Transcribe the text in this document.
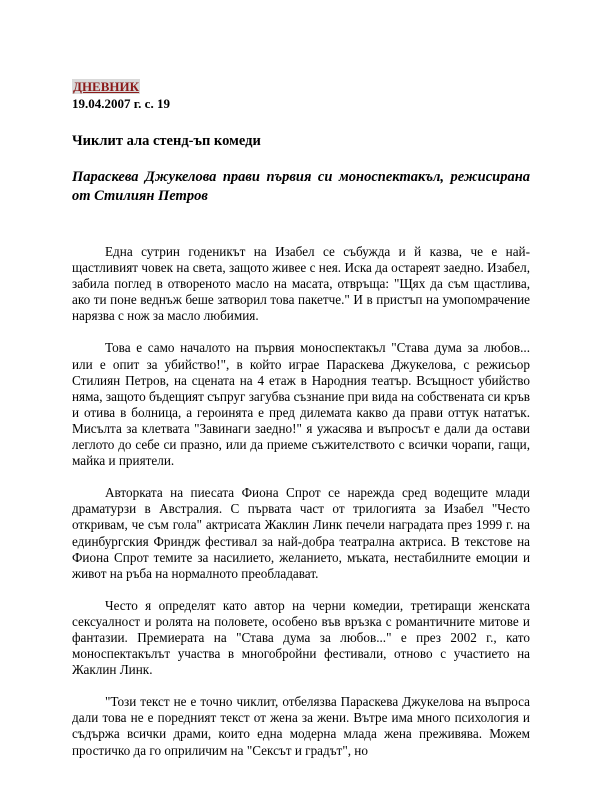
ДНЕВНИК

19.04.2007 г. с. 19

Чиклит ала стенд-ъп комеди
Параскева Джукелова прави първия си моноспектакъл, режисирана от Стилиян Петров

Една сутрин годеникът на Изабел се събужда и й казва, че е най-щастливият човек на света, защото живее с нея. Иска да остареят заедно. Изабел, забила поглед в отвореното масло на масата, отвръща: "Щях да съм щастлива, ако ти поне веднъж беше затворил това пакетче." И в пристъп на умопомрачение нарязва с нож за масло любимия.

Това е само началото на първия моноспектакъл "Става дума за любов... или е опит за убийство!", в който играе Параскева Джукелова, с режисьор Стилиян Петров, на сцената на 4 етаж в Народния театър. Всъщност убийство няма, защото бъдещият съпруг загубва съзнание при вида на собствената си кръв и отива в болница, а героинята е пред дилемата какво да прави оттук нататък. Мисълта за клетвата "Завинаги заедно!" я ужасява и въпросът е дали да остави леглото до себе си празно, или да приеме съжителството с всички чорапи, гащи, майка и приятели.

Авторката на пиесата Фиона Спрот се нарежда сред водещите млади драматурзи в Австралия. С първата част от трилогията за Изабел "Често откривам, че съм гола" актрисата Жаклин Линк печели наградата през 1999 г. на единбургския Фриндж фестивал за най-добра театрална актриса. В текстове на Фиона Спрот темите за насилието, желанието, мъката, нестабилните емоции и живот на ръба на нормалното преобладават.

Често я определят като автор на черни комедии, третиращи женската сексуалност и ролята на половете, особено във връзка с романтичните митове и фантазии. Премиерата на "Става дума за любов..." е през 2002 г., като моноспектакълът участва в многобройни фестивали, отново с участието на Жаклин Линк.

"Този текст не е точно чиклит, отбелязва Параскева Джукелова на въпроса дали това не е поредният текст от жена за жени. Вътре има много психология и съдържа всички драми, които една модерна млада жена преживява. Можем простичко да го оприличим на "Сексът и градът", но
